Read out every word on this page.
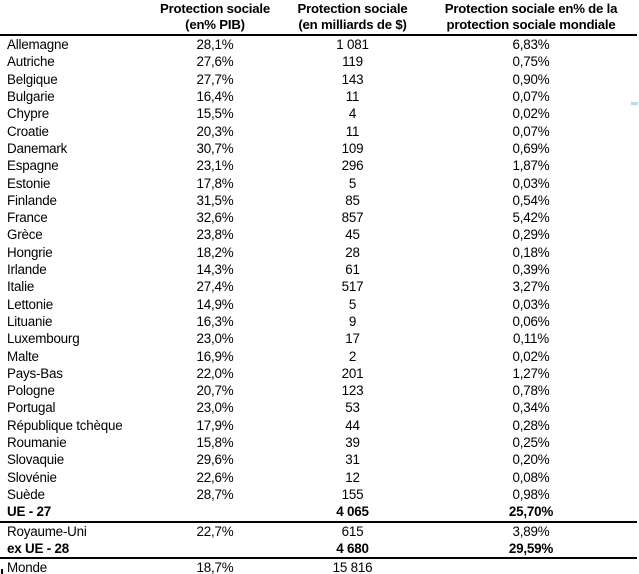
Protection sociale
(en% PIB)

Protection sociale
(en milliards de $)

Protection sociale en% de la
protection sociale mondiale

Allemagne	28,1%	1 081	6,83%
Autriche	27,6%	119	0,75%
Belgique	27,7%	143	0,90%
Bulgarie	16,4%	11	0,07%
Chypre	15,5%	4	0,02%
Croatie	20,3%	11	0,07%
Danemark	30,7%	109	0,69%
Espagne	23,1%	296	1,87%
Estonie	17,8%	5	0,03%
Finlande	31,5%	85	0,54%
France	32,6%	857	5,42%
Grèce	23,8%	45	0,29%
Hongrie	18,2%	28	0,18%
Irlande	14,3%	61	0,39%
Italie	27,4%	517	3,27%
Lettonie	14,9%	5	0,03%
Lituanie	16,3%	9	0,06%
Luxembourg	23,0%	17	0,11%
Malte	16,9%	2	0,02%
Pays-Bas	22,0%	201	1,27%
Pologne	20,7%	123	0,78%
Portugal	23,0%	53	0,34%
République tchèque	17,9%	44	0,28%
Roumanie	15,8%	39	0,25%
Slovaquie	29,6%	31	0,20%
Slovénie	22,6%	12	0,08%
Suède	28,7%	155	0,98%
UE - 27		4 065	25,70%
Royaume-Uni	22,7%	615	3,89%
ex UE - 28		4 680	29,59%
Monde	18,7%	15 816	
